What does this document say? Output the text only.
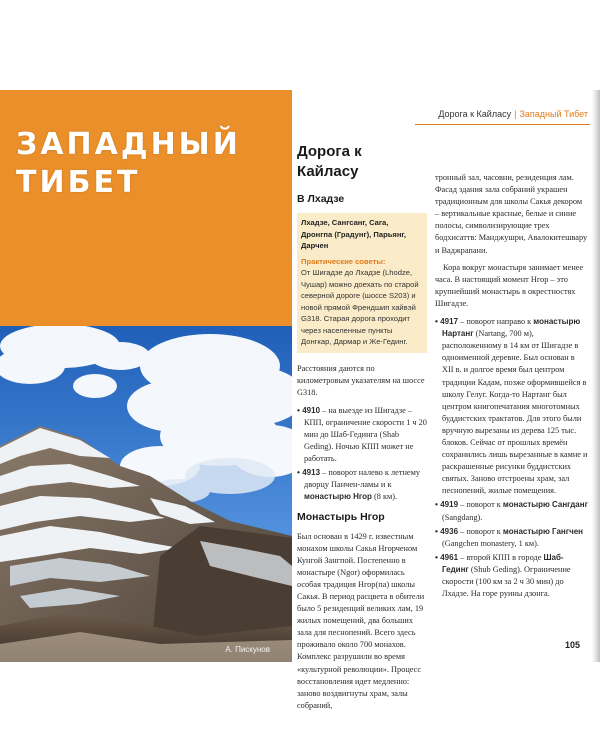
ЗАПАДНЫЙ
ТИБЕТ
А. Пискунов
Дорога к Кайласу | Западный Тибет
Дорога к Кайласу
В Лхадзе
Лхадзе, Сангсанг, Сага, Дронгпа (Градунг), Парьянг, Дарчен
Практические советы:
От Шигадзе до Лхадзе (Lhodze, Чушар) можно доехать по старой северной дороге (шоссе S203) и новой прямой Френдшип хайвэй G318. Старая дорога проходит через населенные пункты Донгкар, Дармар и Же-Гединг.
Расстояния даются по километровым указателям на шоссе G318.
• 4910 – на выезде из Шигадзе – КПП, ограничение скорости 1 ч 20 мин до Шаб-Гединга (Shab Geding). Ночью КПП может не работать.
• 4913 – поворот налево к летнему дворцу Панчен-ламы и к монастырю Нгор (8 км).
Монастырь Нгор
Был основан в 1429 г. известным монахом школы Сакья Нгорченом Кунгой Зангпой. Постепенно в монастыре (Ngor) оформилась особая традиция Нгор(па) школы Сакья. В период расцвета в обители было 5 резиденций великих лам, 19 жилых помещений, два больших зала для песнопений. Всего здесь проживало около 700 монахов. Комплекс разрушили во время «культурной революции». Процесс восстановления идет медленно: заново воздвигнуты храм, залы собраний,
тронный зал, часовни, резиденция лам. Фасад здания зала собраний украшен традиционным для школы Сакья декором – вертикальные красные, белые и синие полосы, символизирующие трех бодхисаттв: Манджушри, Авалокитешвару и Ваджрапани.
Кора вокруг монастыря занимает менее часа. В настоящий момент Нгор – это крупнейший монастырь в окрестностях Шигадзе.
• 4917 – поворот направо к монастырю Нартанг (Nartang, 700 м), расположенному в 14 км от Шигадзе в одноименной деревне. Был основан в ХII в. и долгое время был центром традиции Кадам, позже оформившейся в школу Гелуг. Когда-то Нартанг был центром книгопечатания многотомных буддистских трактатов. Для этого были вручную вырезаны из дерева 125 тыс. блоков. Сейчас от прошлых времён сохранились лишь вырезанные в камне и раскрашенные рисунки буддистских святых. Заново отстроены храм, зал песнопений, жилые помещения.
• 4919 – поворот к монастырю Сангданг (Sangdang).
• 4936 – поворот к монастырю Гангчен (Gangchen monastery, 1 км).
• 4961 – второй КПП в городе Шаб-Гединг (Shub Geding). Ограничение скорости (100 км за 2 ч 30 мин) до Лхадзе. На горе руины дзонга.
105
